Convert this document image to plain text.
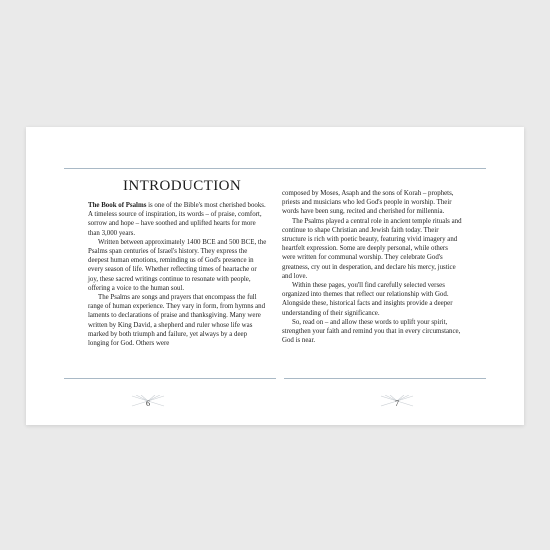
INTRODUCTION

The Book of Psalms is one of the Bible's most cherished books. A timeless source of inspiration, its words – of praise, comfort, sorrow and hope – have soothed and uplifted hearts for more than 3,000 years.

Written between approximately 1400 BCE and 500 BCE, the Psalms span centuries of Israel's history. They express the deepest human emotions, reminding us of God's presence in every season of life. Whether reflecting times of heartache or joy, these sacred writings continue to resonate with people, offering a voice to the human soul.

The Psalms are songs and prayers that encompass the full range of human experience. They vary in form, from hymns and laments to declarations of praise and thanksgiving. Many were written by King David, a shepherd and ruler whose life was marked by both triumph and failure, yet always by a deep longing for God. Others were

composed by Moses, Asaph and the sons of Korah – prophets, priests and musicians who led God's people in worship. Their words have been sung, recited and cherished for millennia.

The Psalms played a central role in ancient temple rituals and continue to shape Christian and Jewish faith today. Their structure is rich with poetic beauty, featuring vivid imagery and heartfelt expression. Some are deeply personal, while others were written for communal worship. They celebrate God's greatness, cry out in desperation, and declare his mercy, justice and love.

Within these pages, you'll find carefully selected verses organized into themes that reflect our relationship with God. Alongside these, historical facts and insights provide a deeper understanding of their significance.

So, read on – and allow these words to uplift your spirit, strengthen your faith and remind you that in every circumstance, God is near.

6	7
